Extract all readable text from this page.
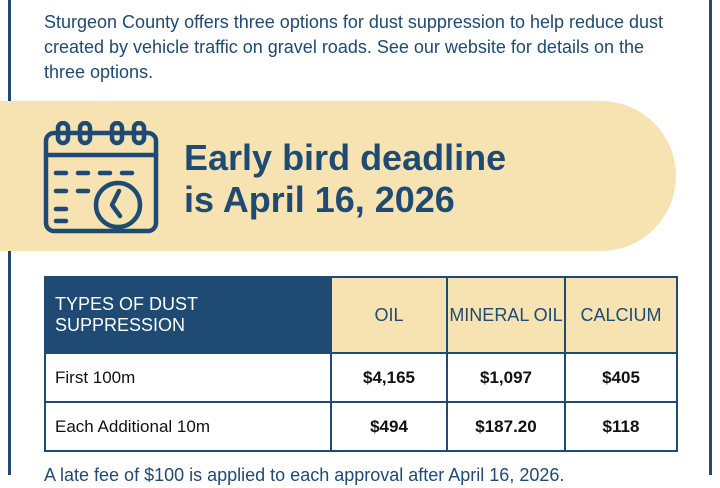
Sturgeon County offers three options for dust suppression to help reduce dust created by vehicle traffic on gravel roads. See our website for details on the three options.

Early bird deadline
is April 16, 2026
TYPES OF DUST SUPPRESSION	OIL	MINERAL OIL	CALCIUM
First 100m	$4,165	$1,097	$405
Each Additional 10m	$494	$187.20	$118

A late fee of $100 is applied to each approval after April 16, 2026.
